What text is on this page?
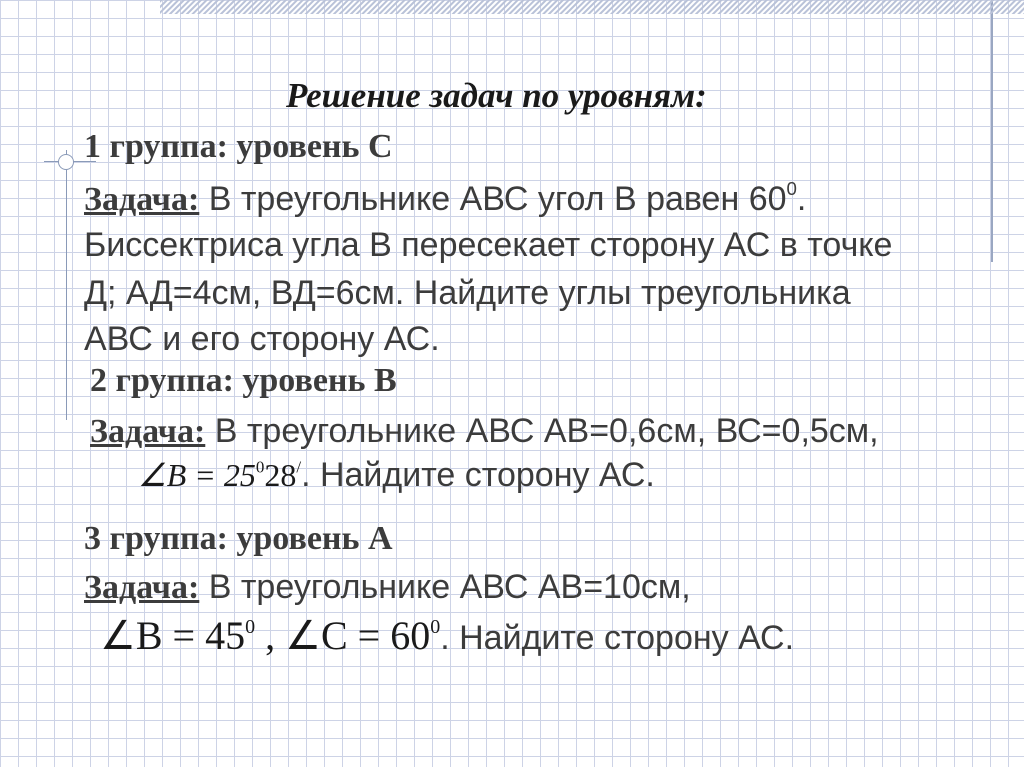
Решение задач по уровням:
1 группа: уровень С
Задача: В треугольнике АВС угол В равен $60^0$.
Биссектриса угла В пересекает сторону АС в точке
Д; АД=4см, ВД=6см. Найдите углы треугольника
АВС и его сторону АС.
2 группа: уровень В
Задача: В треугольнике АВС АВ=0,6см, ВС=0,5см,
∠B = $25^028^/$. Найдите сторону АС.
3 группа: уровень А
Задача: В треугольнике АВС АВ=10см,
∠B = $45^0$ , ∠C = $60^0$. Найдите сторону АС.
